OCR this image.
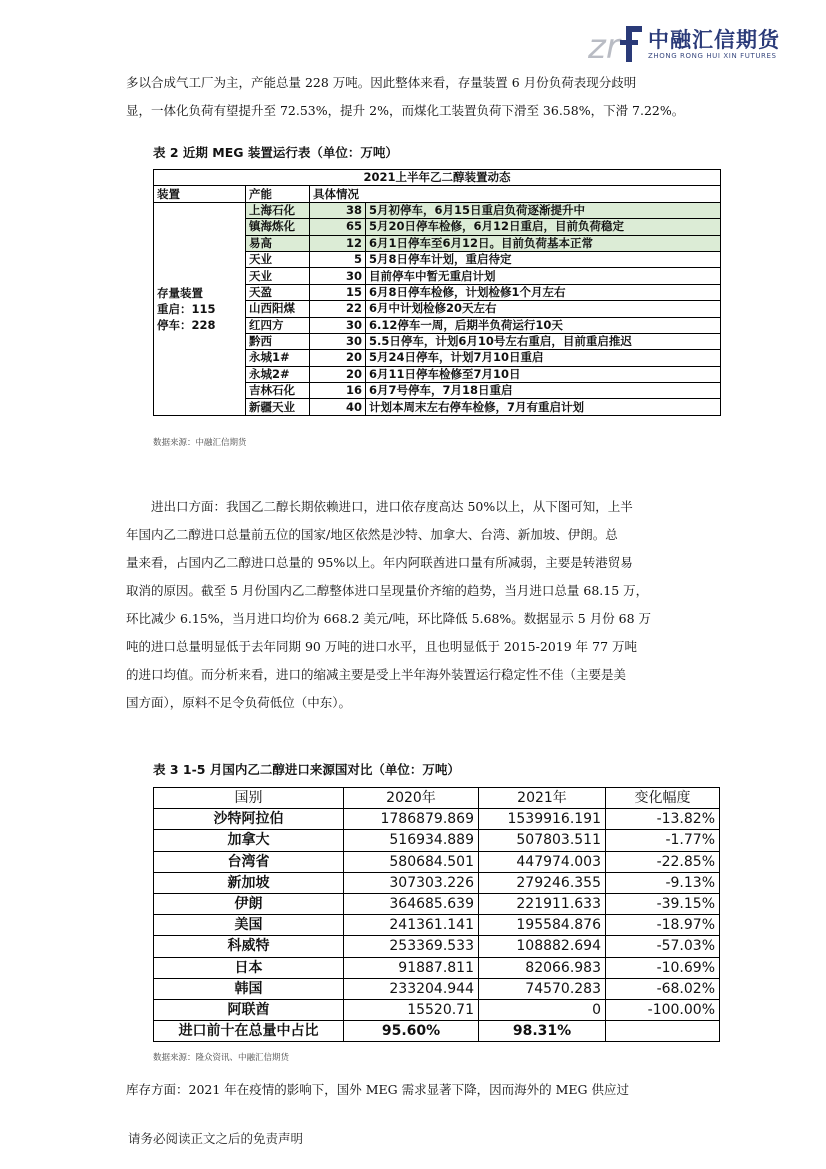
zr 中融汇信期货
ZHONG RONG HUI XIN FUTURES

多以合成气工厂为主，产能总量 228 万吨。因此整体来看，存量装置 6 月份负荷表现分歧明

显，一体化负荷有望提升至 72.53%，提升 2%，而煤化工装置负荷下滑至 36.58%，下滑 7.22%。

表 2 近期 MEG 装置运行表（单位：万吨）
2021上半年乙二醇装置动态			
装置	产能	具体情况	

存量装置
重启：115
停车：228	上海石化	38	5月初停车，6月15日重启负荷逐渐提升中
	镇海炼化	65	5月20日停车检修，6月12日重启，目前负荷稳定
	易高	12	6月1日停车至6月12日。目前负荷基本正常
	天业	5	5月8日停车计划，重启待定
	天业	30	目前停车中暂无重启计划
	天盈	15	6月8日停车检修，计划检修1个月左右
	山西阳煤	22	6月中计划检修20天左右
	红四方	30	6.12停车一周，后期半负荷运行10天
	黔西	30	5.5日停车，计划6月10号左右重启，目前重启推迟
	永城1#	20	5月24日停车，计划7月10日重启
	永城2#	20	6月11日停车检修至7月10日
	吉林石化	16	6月7号停车，7月18日重启
	新疆天业	40	计划本周末左右停车检修，7月有重启计划
数据来源：中融汇信期货

进出口方面：我国乙二醇长期依赖进口，进口依存度高达 50%以上，从下图可知，上半

年国内乙二醇进口总量前五位的国家/地区依然是沙特、加拿大、台湾、新加坡、伊朗。总

量来看，占国内乙二醇进口总量的 95%以上。年内阿联酋进口量有所减弱，主要是转港贸易

取消的原因。截至 5 月份国内乙二醇整体进口呈现量价齐缩的趋势，当月进口总量 68.15 万，

环比减少 6.15%，当月进口均价为 668.2 美元/吨，环比降低 5.68%。数据显示 5 月份 68 万

吨的进口总量明显低于去年同期 90 万吨的进口水平，且也明显低于 2015-2019 年 77 万吨

的进口均值。而分析来看，进口的缩减主要是受上半年海外装置运行稳定性不佳（主要是美

国方面），原料不足令负荷低位（中东）。

表 3 1-5 月国内乙二醇进口来源国对比（单位：万吨）
国别	2020年	2021年	变化幅度
沙特阿拉伯	1786879.869	1539916.191	-13.82%
加拿大	516934.889	507803.511	-1.77%
台湾省	580684.501	447974.003	-22.85%
新加坡	307303.226	279246.355	-9.13%
伊朗	364685.639	221911.633	-39.15%
美国	241361.141	195584.876	-18.97%
科威特	253369.533	108882.694	-57.03%
日本	91887.811	82066.983	-10.69%
韩国	233204.944	74570.283	-68.02%
阿联酋	15520.71	0	-100.00%
进口前十在总量中占比	95.60%	98.31%	
数据来源：隆众资讯、中融汇信期货

库存方面：2021 年在疫情的影响下，国外 MEG 需求显著下降，因而海外的 MEG 供应过

请务必阅读正文之后的免责声明
